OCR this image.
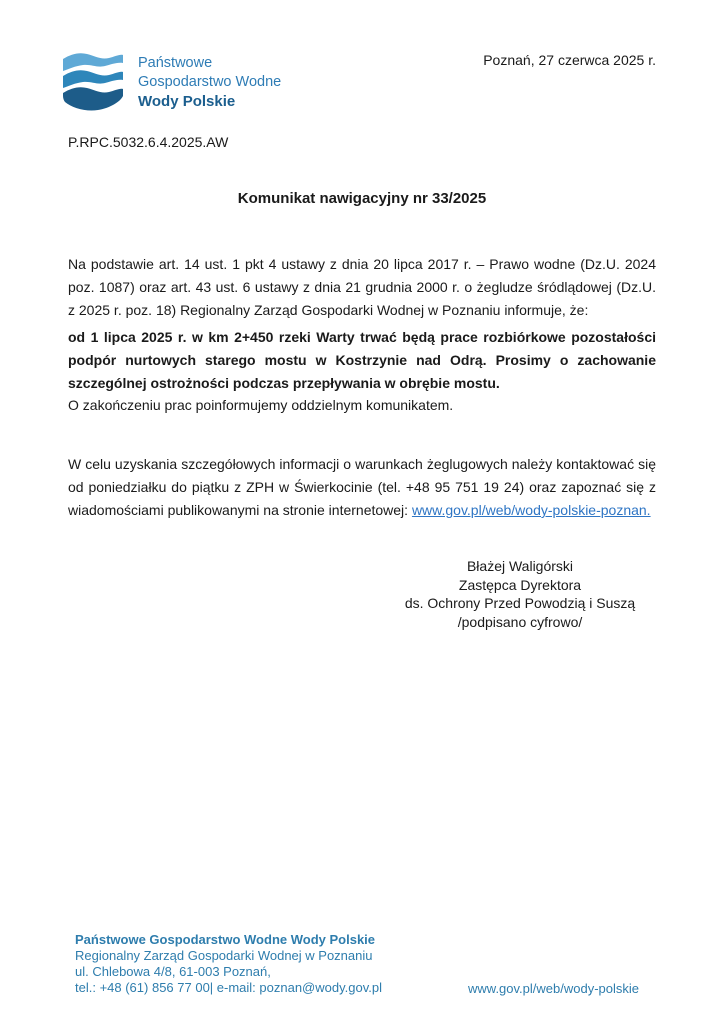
Państwowe
Gospodarstwo Wodne
Wody Polskie
Poznań, 27 czerwca 2025 r.
P.RPC.5032.6.4.2025.AW
Komunikat nawigacyjny nr 33/2025

Na podstawie art. 14 ust. 1 pkt 4 ustawy z dnia 20 lipca 2017 r. – Prawo wodne (Dz.U. 2024 poz. 1087) oraz art. 43 ust. 6 ustawy z dnia 21 grudnia 2000 r. o żegludze śródlądowej (Dz.U. z 2025 r. poz. 18) Regionalny Zarząd Gospodarki Wodnej w Poznaniu informuje, że:

od 1 lipca 2025 r. w km 2+450 rzeki Warty trwać będą prace rozbiórkowe pozostałości podpór nurtowych starego mostu w Kostrzynie nad Odrą. Prosimy o zachowanie szczególnej ostrożności podczas przepływania w obrębie mostu.

O zakończeniu prac poinformujemy oddzielnym komunikatem.

W celu uzyskania szczegółowych informacji o warunkach żeglugowych należy kontaktować się od poniedziałku do piątku z ZPH w Świerkocinie (tel. +48 95 751 19 24) oraz zapoznać się z wiadomościami publikowanymi na stronie internetowej: www.gov.pl/web/wody-polskie-poznan.

Błażej Waligórski
Zastępca Dyrektora
ds. Ochrony Przed Powodzią i Suszą
/podpisano cyfrowo/
Państwowe Gospodarstwo Wodne Wody Polskie
Regionalny Zarząd Gospodarki Wodnej w Poznaniu
ul. Chlebowa 4/8, 61-003 Poznań,
tel.: +48 (61) 856 77 00| e-mail: poznan@wody.gov.pl	www.gov.pl/web/wody-polskie
